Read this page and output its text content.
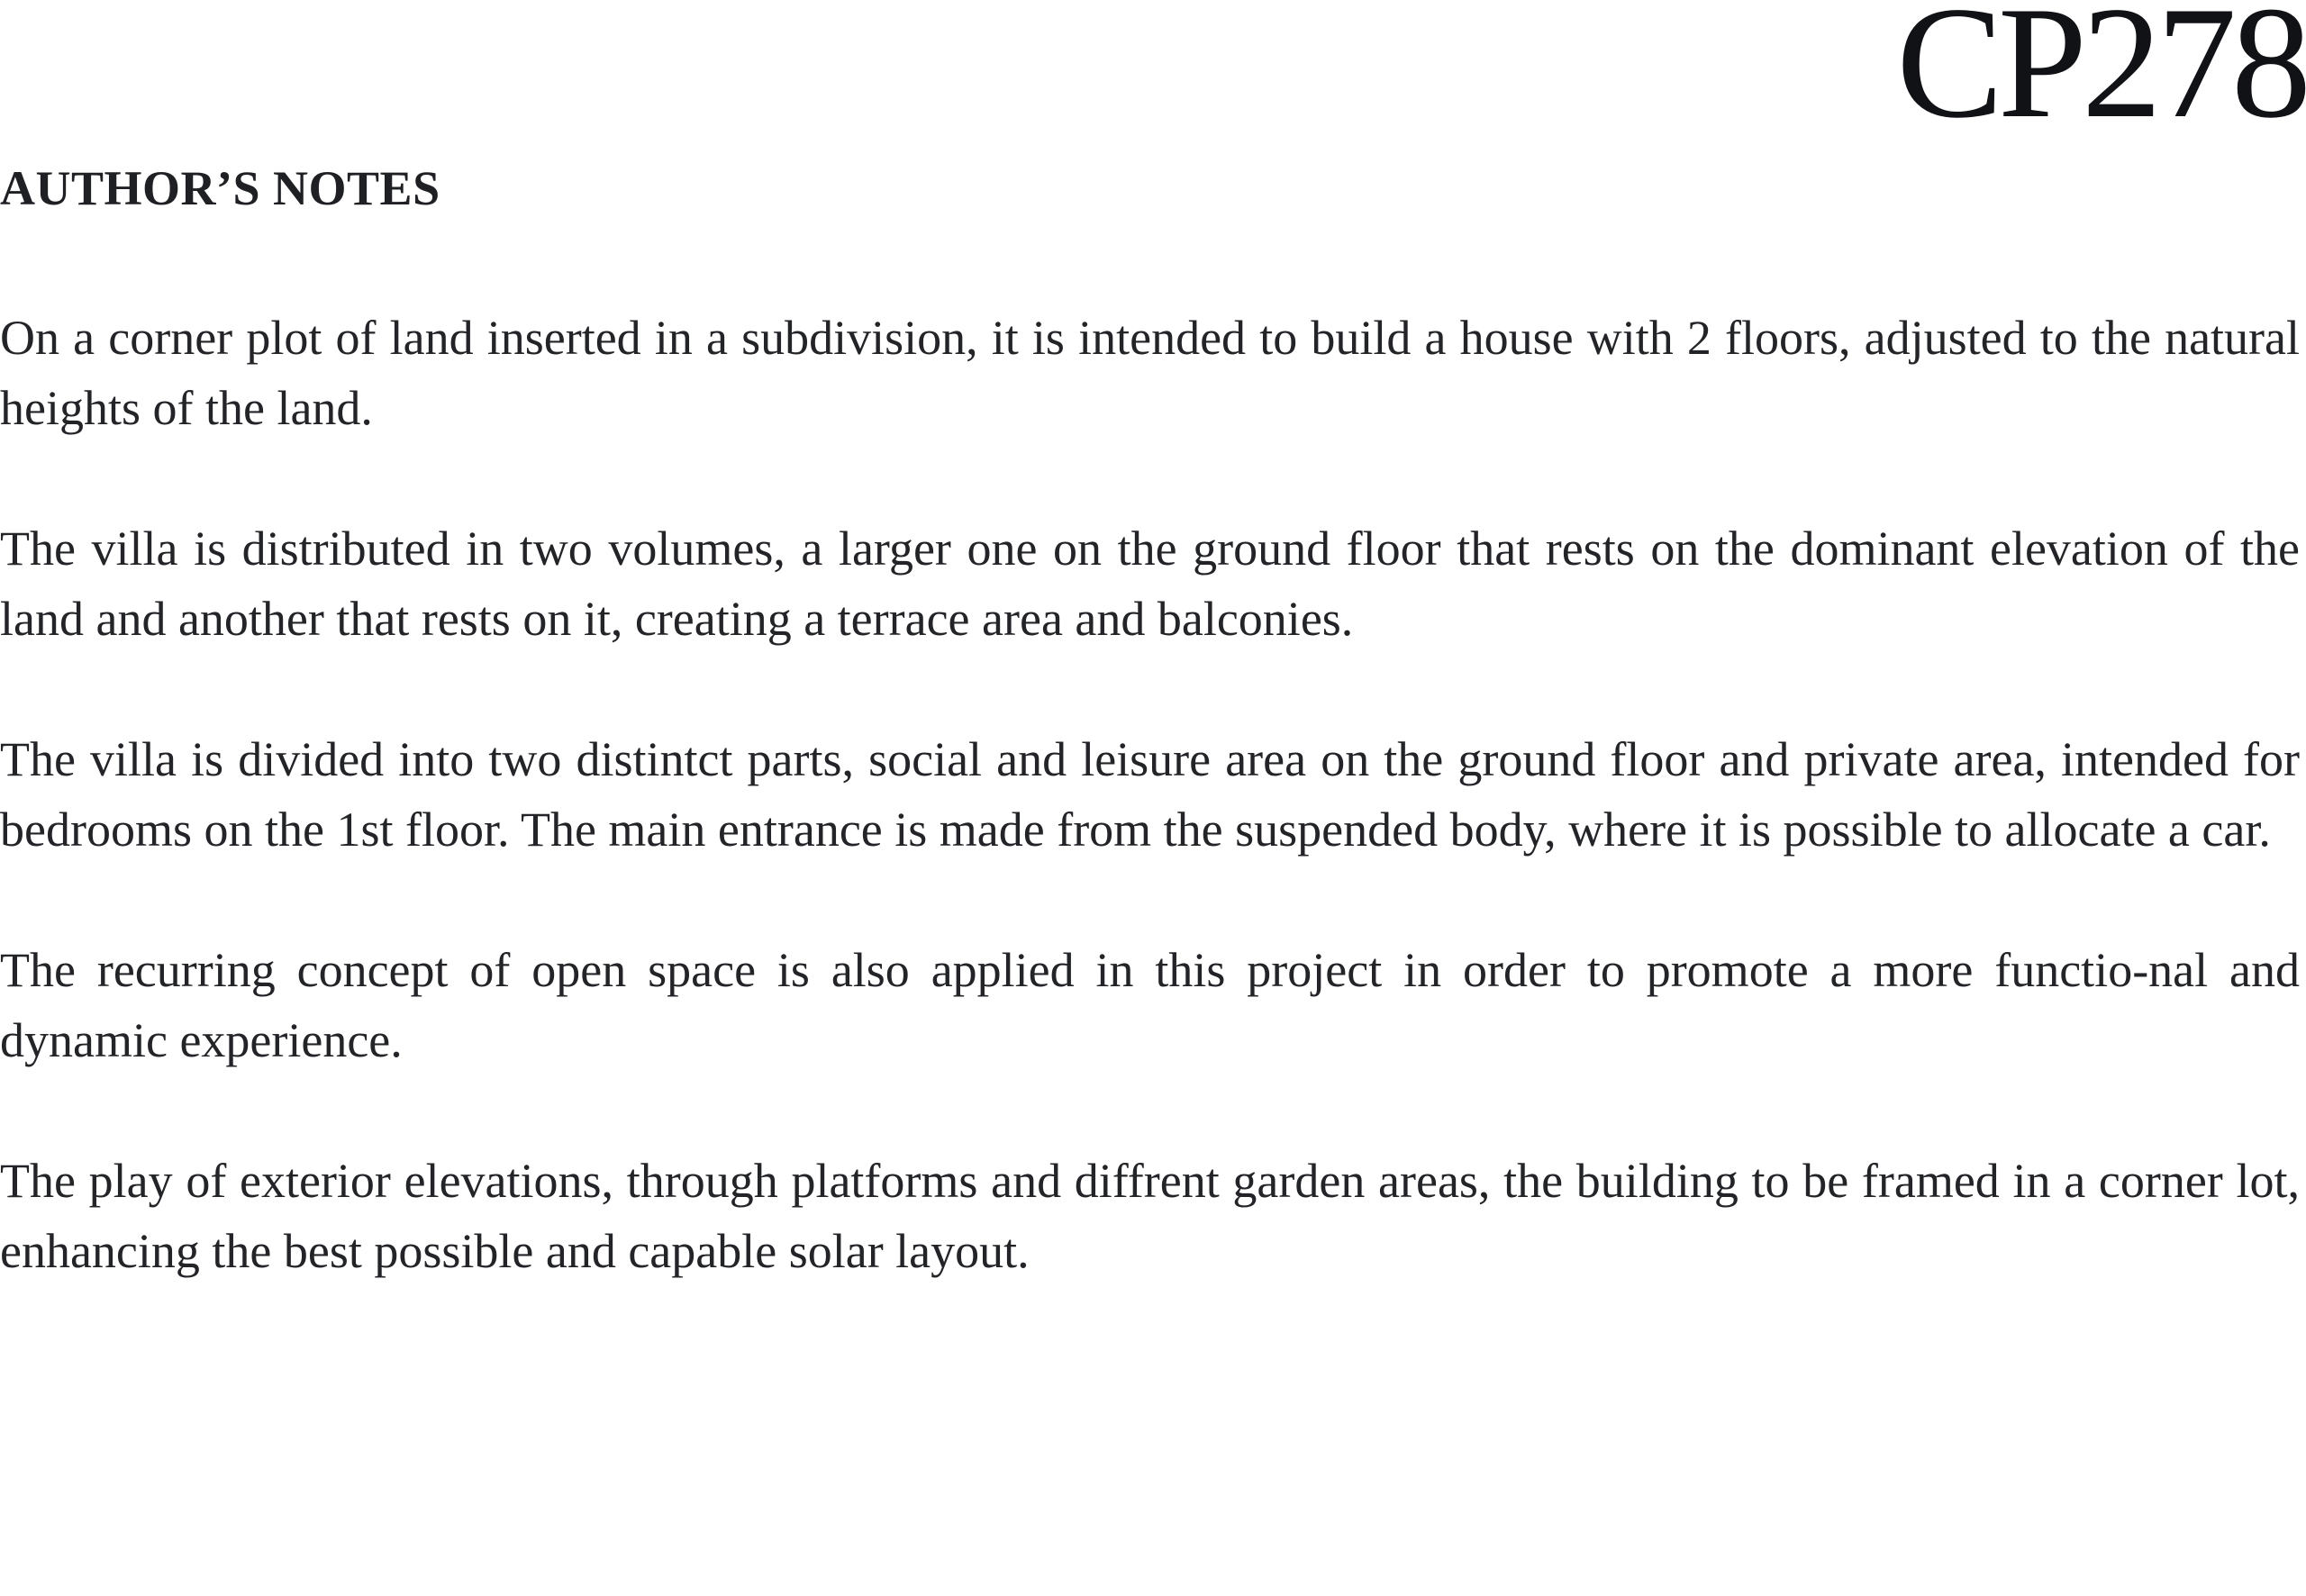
CP278
AUTHOR’S NOTES

On a corner plot of land inserted in a subdivision, it is intended to build a house with 2 floors, adjusted to the natural heights of the land.

The villa is distributed in two volumes, a larger one on the ground floor that rests on the dominant elevation of the land and another that rests on it, creating a terrace area and balconies.

The villa is divided into two distintct parts, social and leisure area on the ground floor and private area, intended for bedrooms on the 1st floor. The main entrance is made from the suspended body, where it is possible to allocate a car.

The recurring concept of open space is also applied in this project in order to promote a more functio-nal and dynamic experience.

The play of exterior elevations, through platforms and diffrent garden areas, the building to be framed in a corner lot, enhancing the best possible and capable solar layout.
